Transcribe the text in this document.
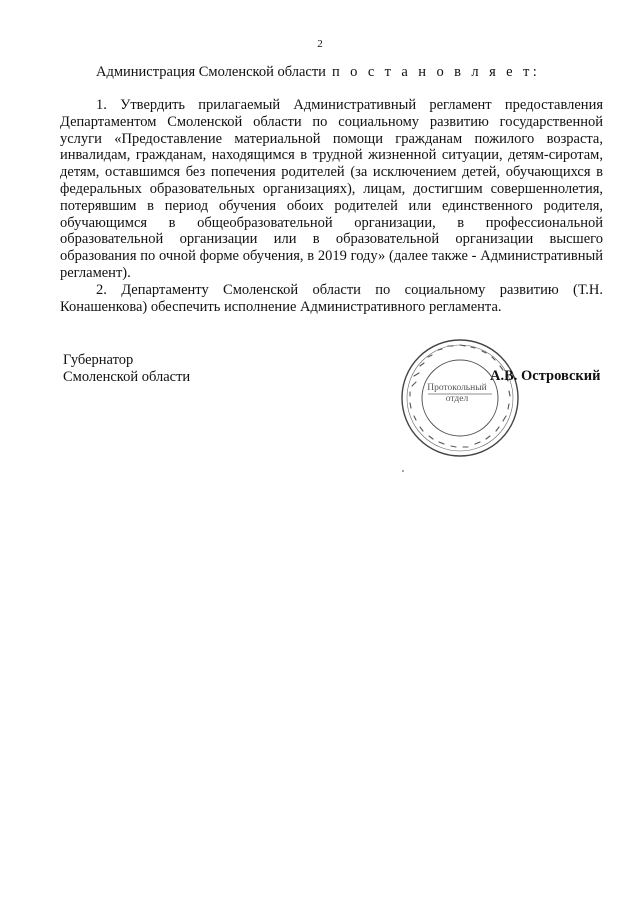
2
Администрация Смоленской области п о с т а н о в л я е т:

1. Утвердить прилагаемый Административный регламент предоставления Департаментом Смоленской области по социальному развитию государственной услуги «Предоставление материальной помощи гражданам пожилого возраста, инвалидам, гражданам, находящимся в трудной жизненной ситуации, детям-сиротам, детям, оставшимся без попечения родителей (за исключением детей, обучающихся в федеральных образовательных организациях), лицам, достигшим совершеннолетия, потерявшим в период обучения обоих родителей или единственного родителя, обучающимся в общеобразовательной организации, в профессиональной образовательной организации или в образовательной организации высшего образования по очной форме обучения, в 2019 году» (далее также - Административный регламент).

2. Департаменту Смоленской области по социальному развитию (Т.Н. Конашенкова) обеспечить исполнение Административного регламента.

Губернатор
Смоленской области
Протокольный
отдел
А.В. Островский
